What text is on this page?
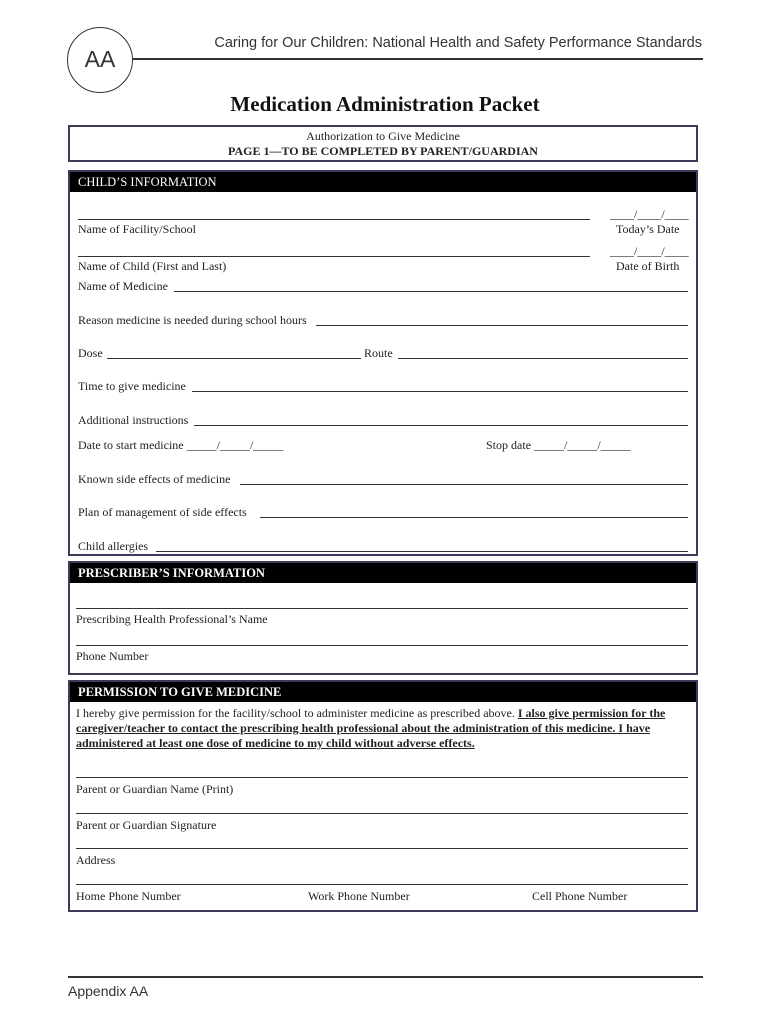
AA
Caring for Our Children: National Health and Safety Performance Standards
Medication Administration Packet
Authorization to Give Medicine
PAGE 1—TO BE COMPLETED BY PARENT/GUARDIAN
CHILD’S INFORMATION
Name of Facility/School
____/____/____
Today’s Date
Name of Child (First and Last)
____/____/____
Date of Birth
Name of Medicine
Reason medicine is needed during school hours
Dose	Route
Time to give medicine
Additional instructions
Date to start medicine _____/_____/_____	Stop date _____/_____/_____
Known side effects of medicine
Plan of management of side effects
Child allergies
PRESCRIBER’S INFORMATION
Prescribing Health Professional’s Name
Phone Number
PERMISSION TO GIVE MEDICINE
I hereby give permission for the facility/school to administer medicine as prescribed above. I also give permission for the
caregiver/teacher to contact the prescribing health professional about the administration of this medicine. I have
administered at least one dose of medicine to my child without adverse effects.
Parent or Guardian Name (Print)
Parent or Guardian Signature
Address
Home Phone Number	Work Phone Number	Cell Phone Number
Appendix AA
